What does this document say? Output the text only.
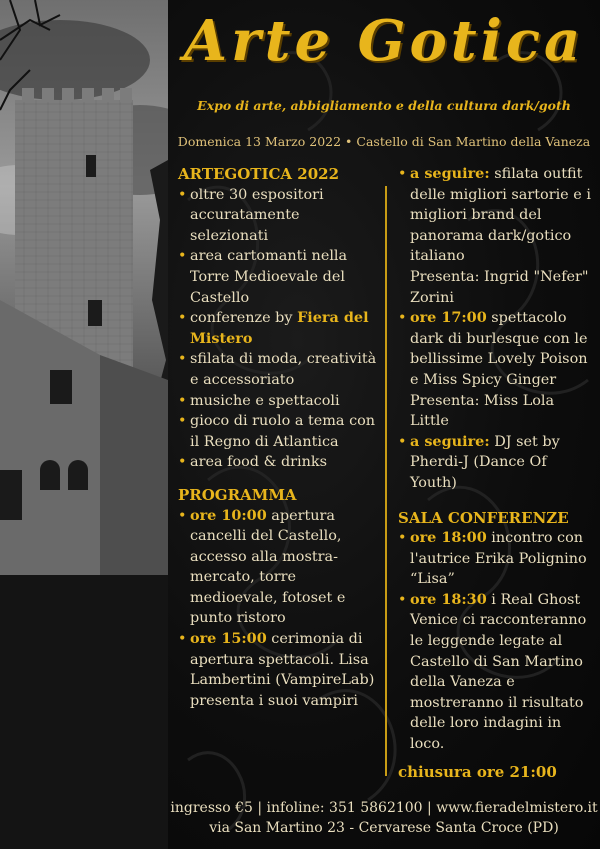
Arte Gotica
Expo di arte, abbigliamento e della cultura dark/goth
Domenica 13 Marzo 2022 • Castello di San Martino della Vaneza
ARTEGOTICA 2022
• oltre 30 espositori accuratamente selezionati
• area cartomanti nella Torre Medioevale del Castello
• conferenze by Fiera del Mistero
• sfilata di moda, creatività e accessoriato
• musiche e spettacoli
• gioco di ruolo a tema con il Regno di Atlantica
• area food & drinks
PROGRAMMA
• ore 10:00 apertura cancelli del Castello, accesso alla mostra-mercato, torre medioevale, fotoset e punto ristoro
• ore 15:00 cerimonia di apertura spettacoli. Lisa Lambertini (VampireLab) presenta i suoi vampiri
• a seguire: sfilata outfit delle migliori sartorie e i migliori brand del panorama dark/gotico italiano
Presenta: Ingrid "Nefer" Zorini
• ore 17:00 spettacolo dark di burlesque con le bellissime Lovely Poison e Miss Spicy Ginger
Presenta: Miss Lola Little
• a seguire: DJ set by Pherdi-J (Dance Of Youth)
SALA CONFERENZE
• ore 18:00 incontro con l'autrice Erika Polignino “Lisa”
• ore 18:30 i Real Ghost Venice ci racconteranno le leggende legate al Castello di San Martino della Vaneza e mostreranno il risultato delle loro indagini in loco.
chiusura ore 21:00
ingresso €5 | infoline: 351 5862100 | www.fieradelmistero.it
via San Martino 23 - Cervarese Santa Croce (PD)
